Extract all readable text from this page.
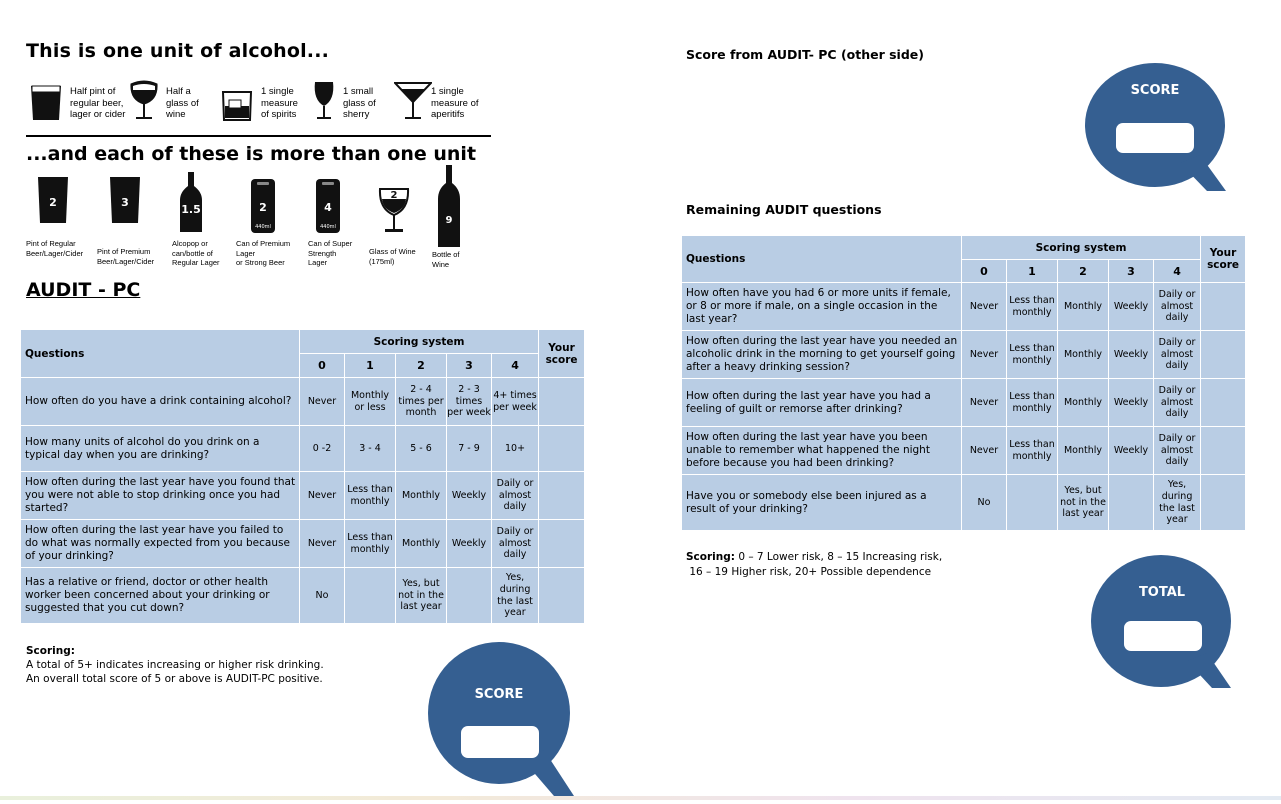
This is one unit of alcohol...
Half pint of
regular beer,
lager or cider
Half a
glass of
wine
1 single
measure
of spirits
1 small
glass of
sherry
1 single
measure of
aperitifs
...and each of these is more than one unit
2
Pint of Regular
Beer/Lager/Cider
3
Pint of Premium
Beer/Lager/Cider
1.5
Alcopop or
can/bottle of
Regular Lager
2
440ml
Can of Premium
Lager
or Strong Beer
4
440ml
Can of Super
Strength
Lager
2
Glass of Wine
(175ml)
9
Bottle of
Wine
AUDIT - PC
Questions	Scoring system					Your
score
	0	1	2	3	4	
How often do you have a drink containing alcohol?	Never	Monthly or less	2 - 4 times per month	2 - 3 times per week	4+ times per week	
How many units of alcohol do you drink on a typical day when you are drinking?	0 -2	3 - 4	5 - 6	7 - 9	10+	
How often during the last year have you found that you were not able to stop drinking once you had started?	Never	Less than monthly	Monthly	Weekly	Daily or almost daily	
How often during the last year have you failed to do what was normally expected from you because of your drinking?	Never	Less than monthly	Monthly	Weekly	Daily or almost daily	
Has a relative or friend, doctor or other health worker been concerned about your drinking or suggested that you cut down?	No		Yes, but not in the last year		Yes, during the last year	
Scoring:
A total of 5+ indicates increasing or higher risk drinking.
An overall total score of 5 or above is AUDIT-PC positive.
SCORE
Score from AUDIT- PC (other side)
SCORE
Remaining AUDIT questions
Questions	Scoring system					Your
score
	0	1	2	3	4	
How often have you had 6 or more units if female, or 8 or more if male, on a single occasion in the last year?	Never	Less than monthly	Monthly	Weekly	Daily or almost daily	
How often during the last year have you needed an alcoholic drink in the morning to get yourself going after a heavy drinking session?	Never	Less than monthly	Monthly	Weekly	Daily or almost daily	
How often during the last year have you had a feeling of guilt or remorse after drinking?	Never	Less than monthly	Monthly	Weekly	Daily or almost daily	
How often during the last year have you been unable to remember what happened the night before because you had been drinking?	Never	Less than monthly	Monthly	Weekly	Daily or almost daily	
Have you or somebody else been injured as a result of your drinking?	No		Yes, but not in the last year		Yes, during the last year	
Scoring: 0 – 7 Lower risk, 8 – 15 Increasing risk,
16 – 19 Higher risk, 20+ Possible dependence
TOTAL
